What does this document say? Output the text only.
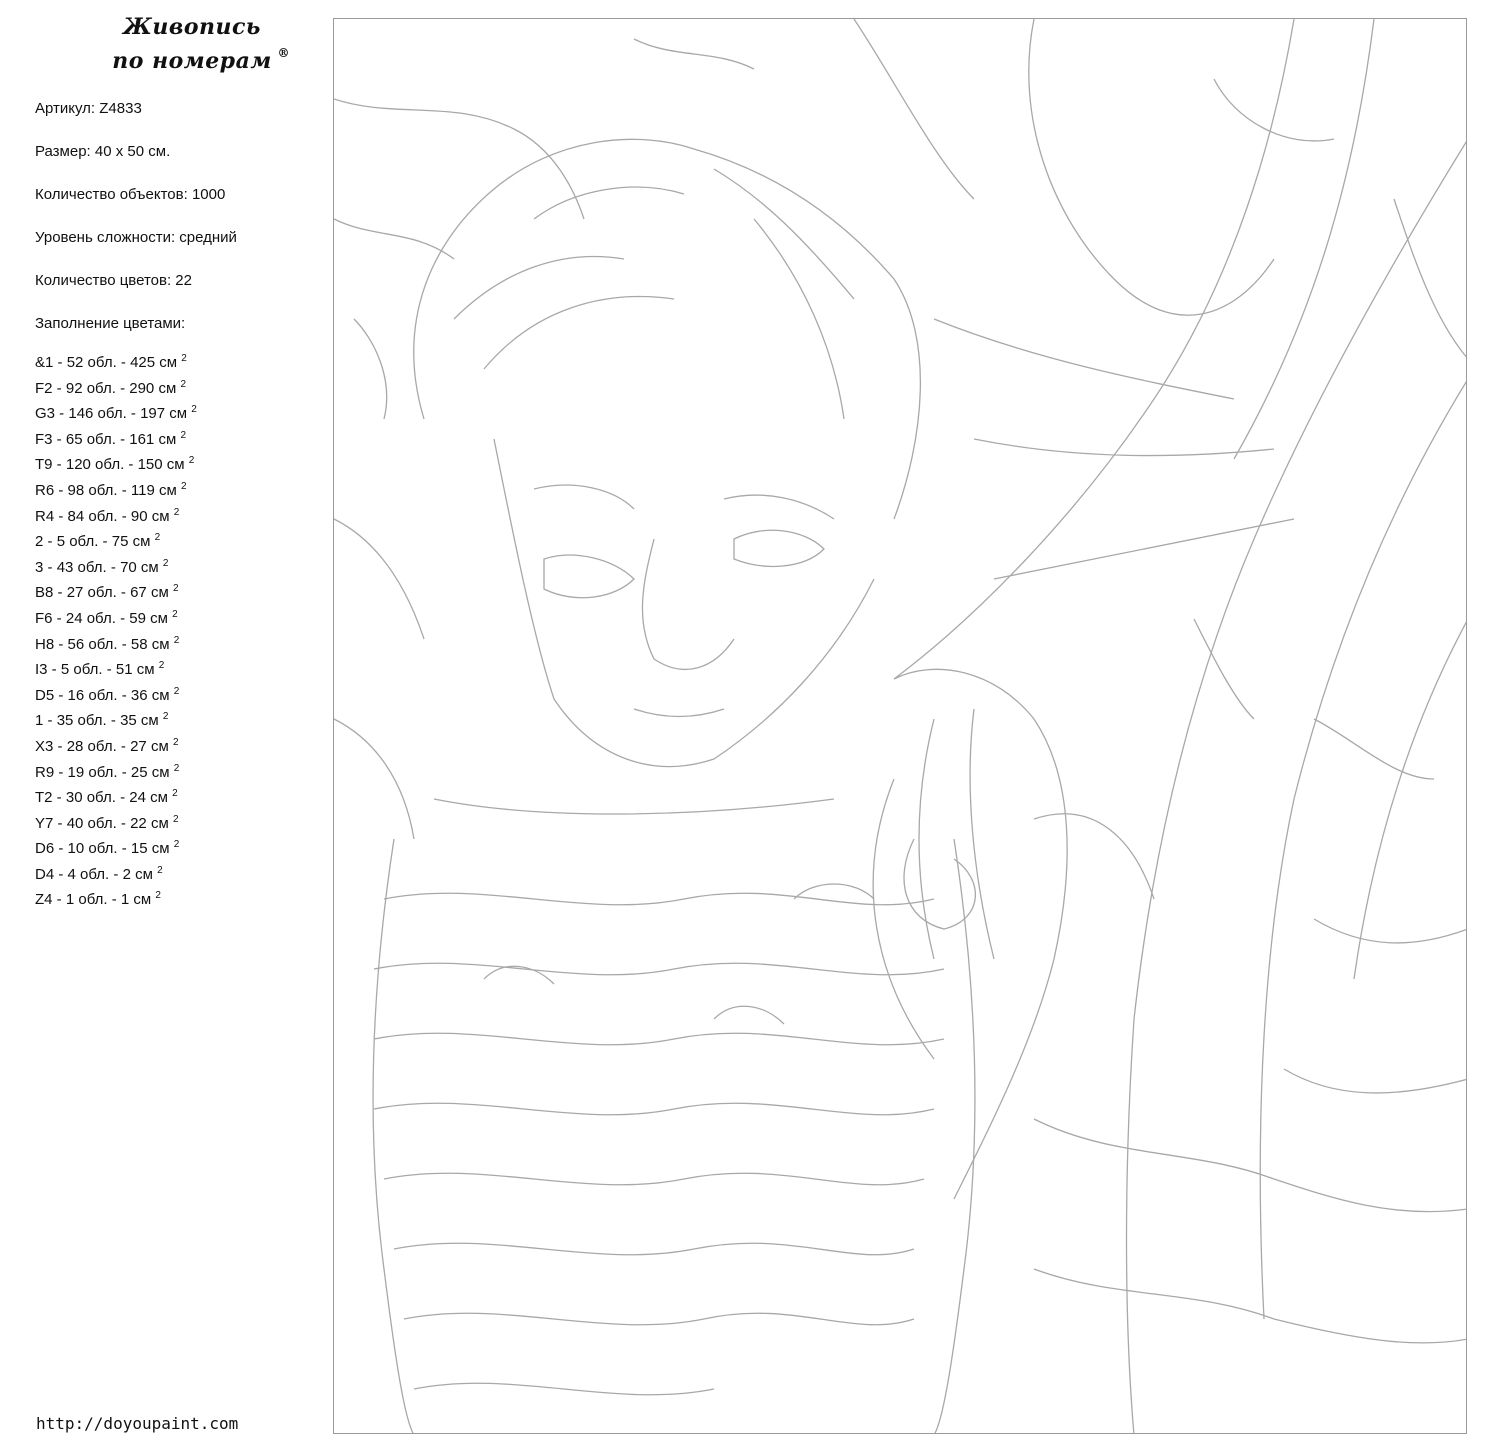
Живопись
по номерам ®
Артикул: Z4833
Размер: 40 х 50 см.
Количество объектов: 1000
Уровень сложности: средний
Количество цветов: 22
Заполнение цветами:
&1 - 52 обл. - 425 см $^2$
F2 - 92 обл. - 290 см $^2$
G3 - 146 обл. - 197 см $^2$
F3 - 65 обл. - 161 см $^2$
T9 - 120 обл. - 150 см $^2$
R6 - 98 обл. - 119 см $^2$
R4 - 84 обл. - 90 см $^2$
2 - 5 обл. - 75 см $^2$
3 - 43 обл. - 70 см $^2$
B8 - 27 обл. - 67 см $^2$
F6 - 24 обл. - 59 см $^2$
H8 - 56 обл. - 58 см $^2$
I3 - 5 обл. - 51 см $^2$
D5 - 16 обл. - 36 см $^2$
1 - 35 обл. - 35 см $^2$
X3 - 28 обл. - 27 см $^2$
R9 - 19 обл. - 25 см $^2$
T2 - 30 обл. - 24 см $^2$
Y7 - 40 обл. - 22 см $^2$
D6 - 10 обл. - 15 см $^2$
D4 - 4 обл. - 2 см $^2$
Z4 - 1 обл. - 1 см $^2$
http://doyoupaint.com
